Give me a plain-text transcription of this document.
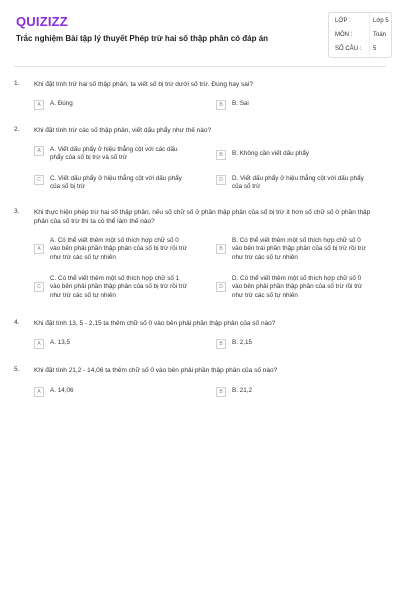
QUIZIZZ
Trắc nghiệm Bài tập lý thuyết Phép trừ hai số thập phân có đáp án
LỚP :	Lớp 5
MÔN :	Toán
SỐ CÂU : 5
1. Khi đặt tính trừ hai số thập phân, ta viết số bị trừ dưới số trừ. Đúng hay sai?
A	A. Đúng	B	B. Sai
2. Khi đặt tính trừ các số thập phân, viết dấu phẩy như thế nào?
A	A. Viết dấu phẩy ở hiệu thẳng cột với các dấu phẩy của số bị trừ và số trừ	B	B. Không cần viết dấu phẩy
C	C. Viết dấu phẩy ở hiệu thẳng cột với dấu phẩy của số bị trừ
D	D. Viết dấu phẩy ở hiệu thẳng cột với dấu phẩy của số trừ
3. Khi thực hiện phép trừ hai số thập phân, nếu số chữ số ở phần thập phân của số bị trừ ít hơn số chữ số ở phần thập phân của số trừ thì ta có thể làm thế nào?
A
A. Có thể viết thêm một số thích hợp chữ số 0 vào bên phải phần thập phân của số bị trừ rồi trừ như trừ các số tự nhiên
B
B. Có thể viết thêm một số thích hợp chữ số 0 vào bên trái phần thập phân của số bị trừ rồi trừ như trừ các số tự nhiên
C
C. Có thể viết thêm một số thích hợp chữ số 1 vào bên phải phần thập phân của số bị trừ rồi trừ như trừ các số tự nhiên
D
D. Có thể viết thêm một số thích hợp chữ số 0 vào bên phải phần thập phân của số trừ rồi trừ như trừ các số tự nhiên
4. Khi đặt tính 13, 5 - 2,15 ta thêm chữ số 0 vào bên phải phần thập phân của số nào?
A	A. 13,5	B	B. 2,15
5. Khi đặt tính 21,2 - 14,06 ta thêm chữ số 0 vào bên phải phần thập phân của số nào?
A	A. 14,06	B	B. 21,2
